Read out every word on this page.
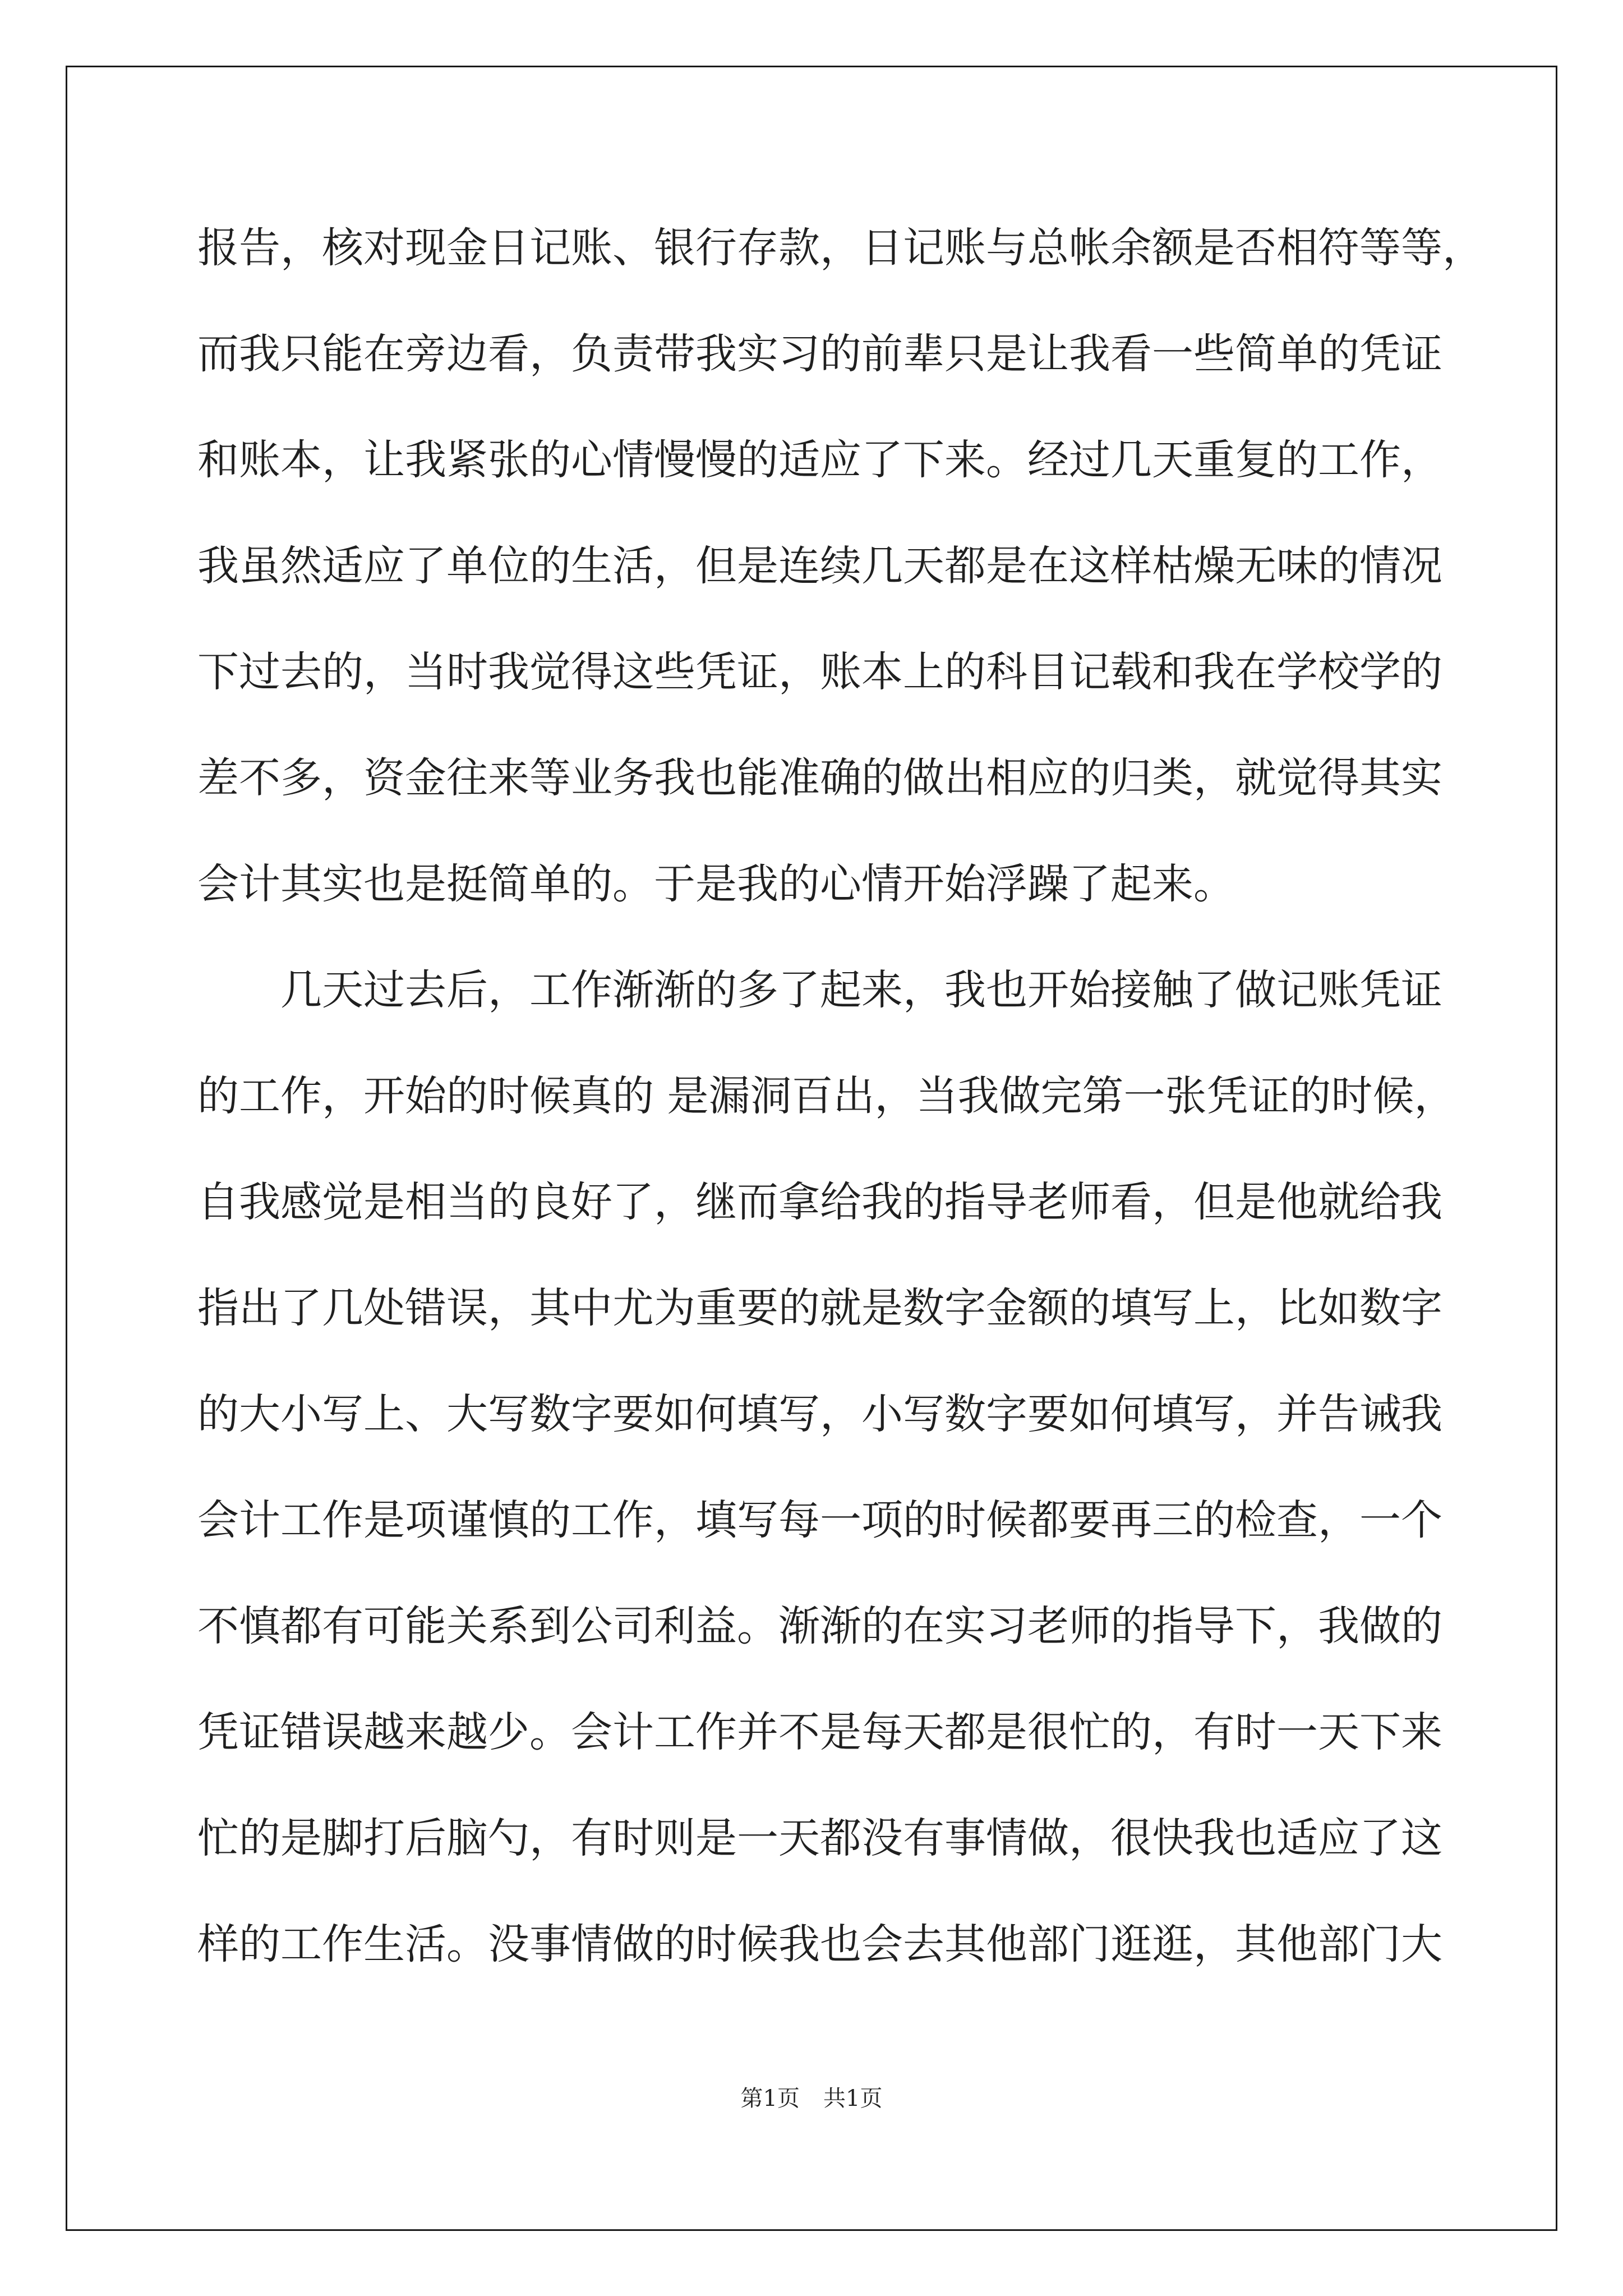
报告，核对现金日记账、银行存款，日记账与总帐余额是否相符等等，
而我只能在旁边看，负责带我实习的前辈只是让我看一些简单的凭证
和账本，让我紧张的心情慢慢的适应了下来。经过几天重复的工作，
我虽然适应了单位的生活，但是连续几天都是在这样枯燥无味的情况
下过去的，当时我觉得这些凭证，账本上的科目记载和我在学校学的
差不多，资金往来等业务我也能准确的做出相应的归类，就觉得其实
会计其实也是挺简单的。于是我的心情开始浮躁了起来。
　　几天过去后，工作渐渐的多了起来，我也开始接触了做记账凭证
的工作，开始的时候真的 是漏洞百出，当我做完第一张凭证的时候，
自我感觉是相当的良好了，继而拿给我的指导老师看，但是他就给我
指出了几处错误，其中尤为重要的就是数字金额的填写上，比如数字
的大小写上、大写数字要如何填写，小写数字要如何填写，并告诫我
会计工作是项谨慎的工作，填写每一项的时候都要再三的检查，一个
不慎都有可能关系到公司利益。渐渐的在实习老师的指导下，我做的
凭证错误越来越少。会计工作并不是每天都是很忙的，有时一天下来
忙的是脚打后脑勺，有时则是一天都没有事情做，很快我也适应了这
样的工作生活。没事情做的时候我也会去其他部门逛逛，其他部门大
第1页 共1页
